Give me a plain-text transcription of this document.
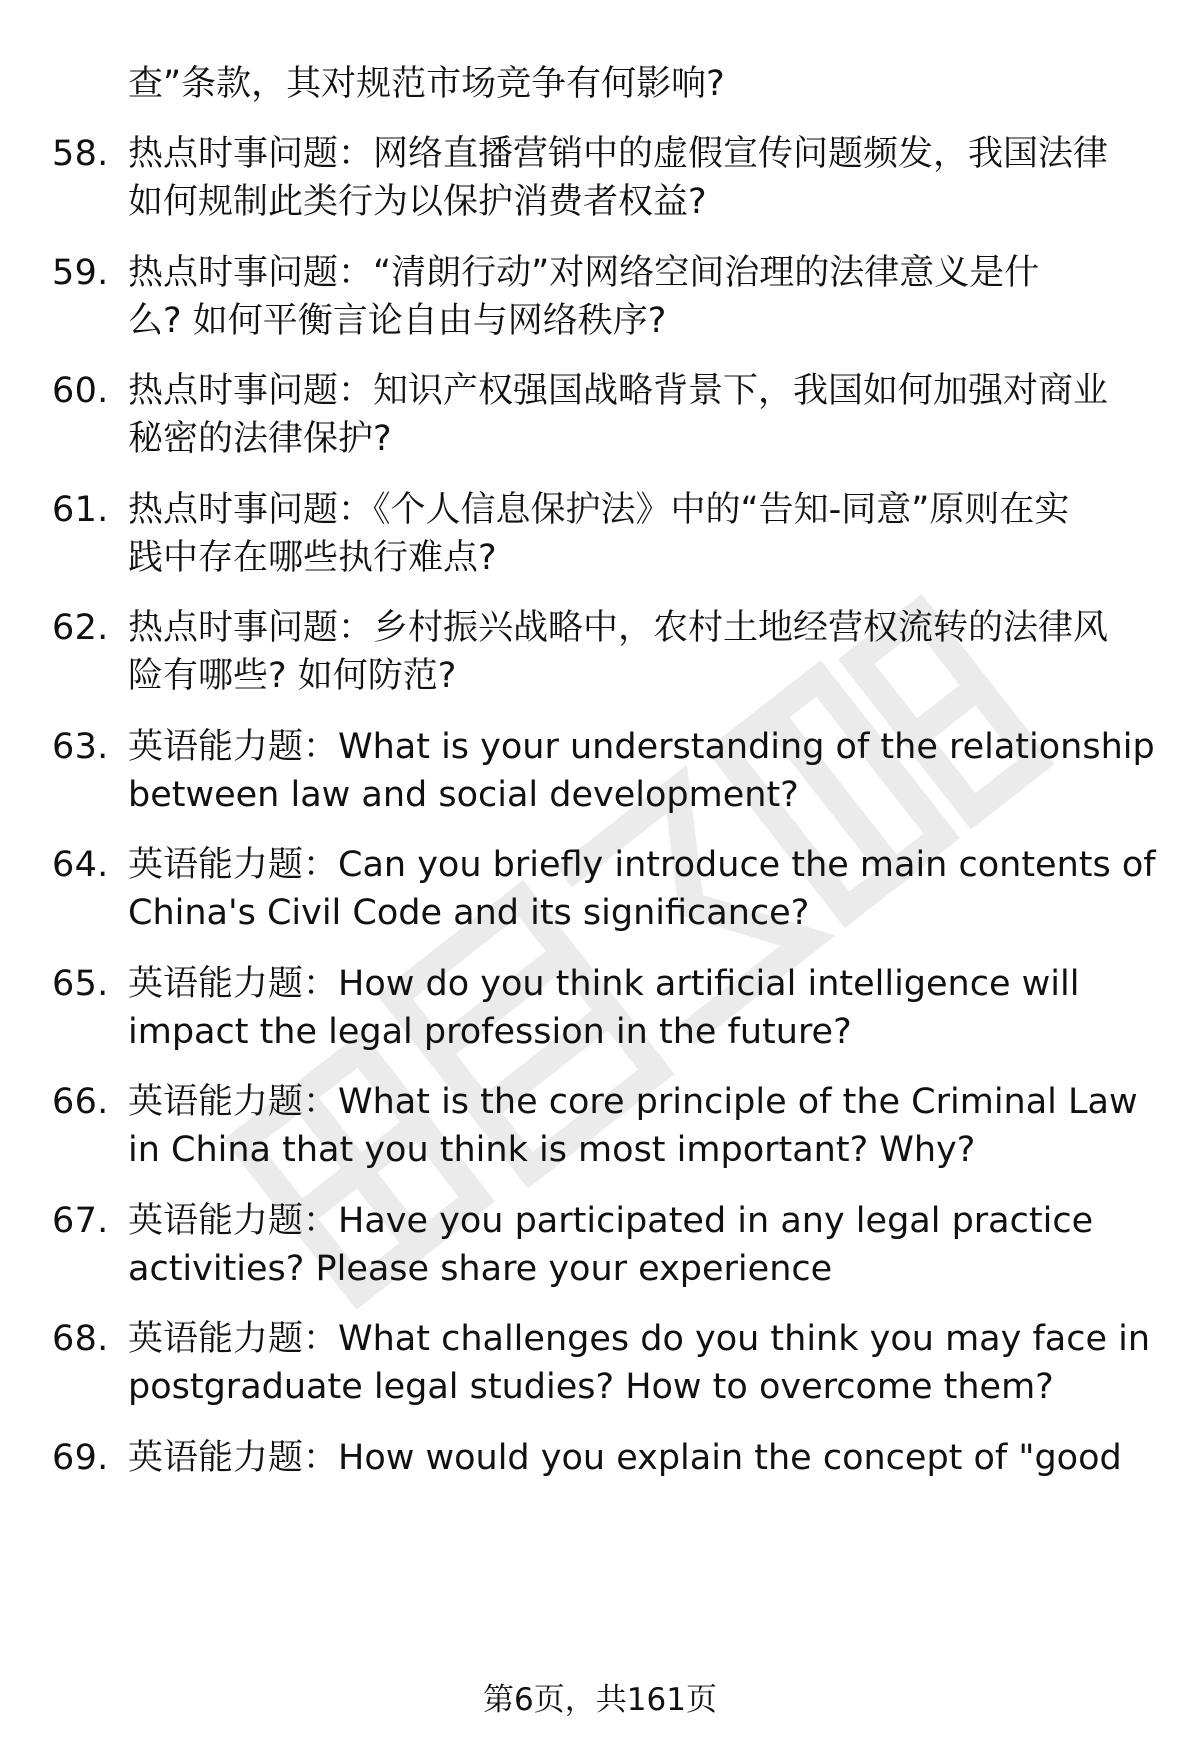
查”条款，其对规范市场竞争有何影响?
58. 热点时事问题：网络直播营销中的虚假宣传问题频发，我国法律
如何规制此类行为以保护消费者权益?
59. 热点时事问题：“清朗行动”对网络空间治理的法律意义是什
么? 如何平衡言论自由与网络秩序?
60. 热点时事问题：知识产权强国战略背景下，我国如何加强对商业
秘密的法律保护?
61. 热点时事问题：《个人信息保护法》中的“告知-同意”原则在实
践中存在哪些执行难点?
62. 热点时事问题：乡村振兴战略中，农村土地经营权流转的法律风
险有哪些? 如何防范?
63. 英语能力题：What is your understanding of the relationship
between law and social development?
64. 英语能力题：Can you briefly introduce the main contents of
China's Civil Code and its significance?
65. 英语能力题：How do you think artificial intelligence will
impact the legal profession in the future?
66. 英语能力题：What is the core principle of the Criminal Law
in China that you think is most important? Why?
67. 英语能力题：Have you participated in any legal practice
activities? Please share your experience
68. 英语能力题：What challenges do you think you may face in
postgraduate legal studies? How to overcome them?
69. 英语能力题：How would you explain the concept of "good
第6页，共161页
